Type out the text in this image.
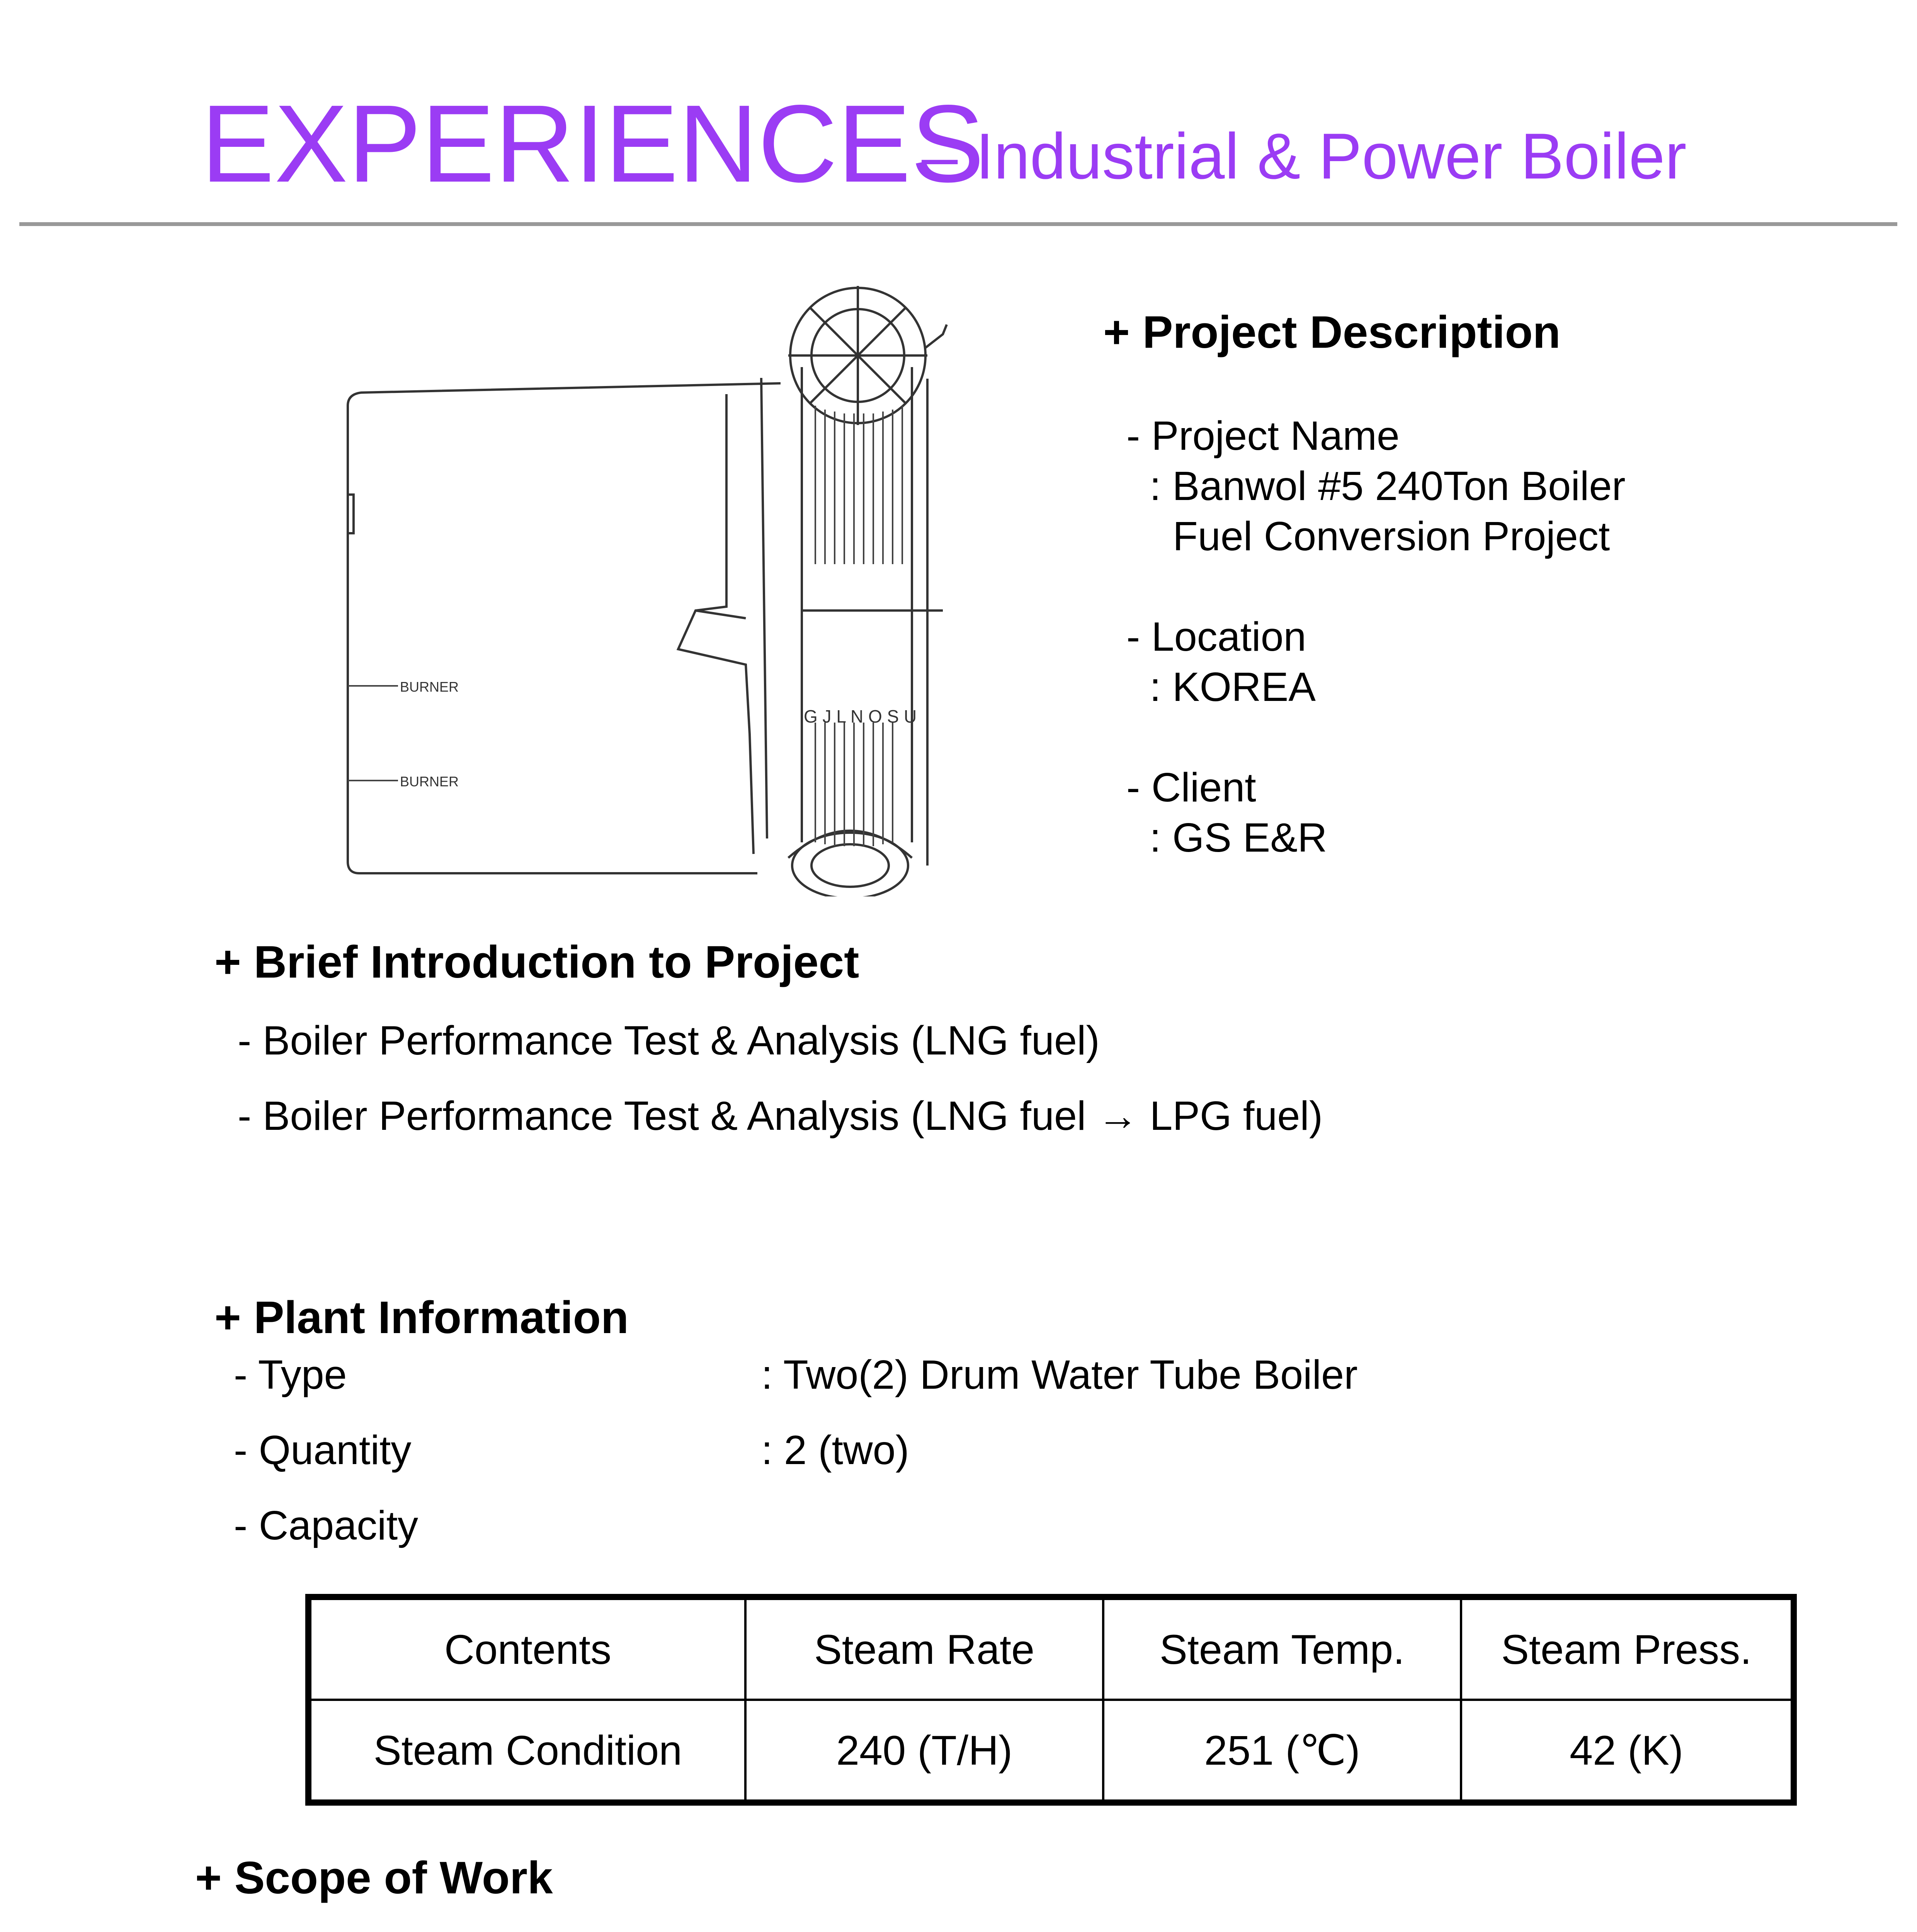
EXPERIENCES
– Industrial & Power Boiler
G J L N O S U
BURNER
BURNER
+ Project Description
- Project Name
: Banwol #5 240Ton Boiler
Fuel Conversion Project
- Location
: KOREA
- Client
: GS E&R
+ Brief Introduction to Project
- Boiler Performance Test & Analysis (LNG fuel)
- Boiler Performance Test & Analysis (LNG fuel → LPG fuel)
+ Plant Information
- Type	: Two(2) Drum Water Tube Boiler
- Quantity	: 2 (two)
- Capacity
Contents	Steam Rate	Steam Temp.	Steam Press.
Steam Condition	240 (T/H)	251 (℃)	42 (K)
+ Scope of Work
